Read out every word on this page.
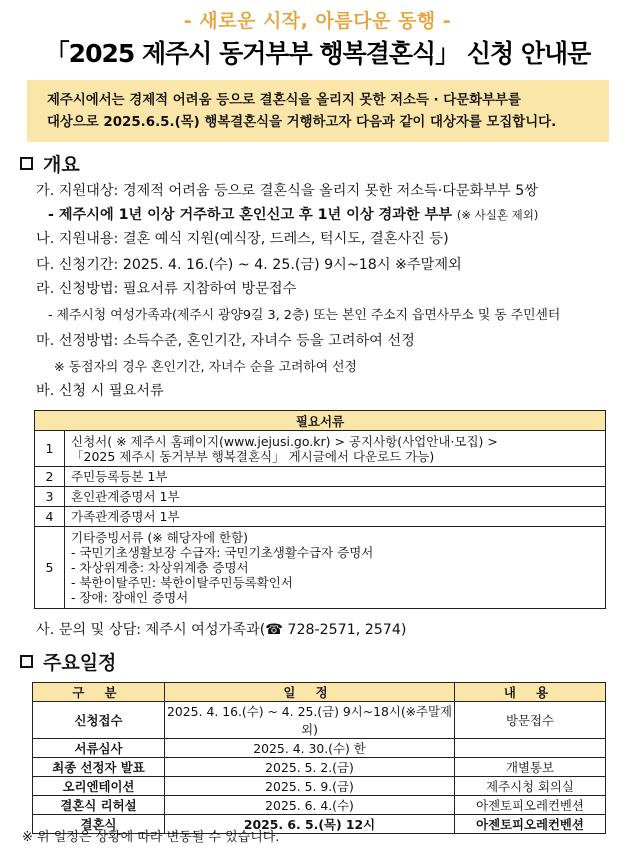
- 새로운 시작, 아름다운 동행 -
「2025 제주시 동거부부 행복결혼식」 신청 안내문
제주시에서는 경제적 어려움 등으로 결혼식을 올리지 못한 저소득 · 다문화부부를
대상으로 2025.6.5.(목) 행복결혼식을 거행하고자 다음과 같이 대상자를 모집합니다.
개요
가. 지원대상: 경제적 어려움 등으로 결혼식을 올리지 못한 저소득·다문화부부 5쌍
- 제주시에 1년 이상 거주하고 혼인신고 후 1년 이상 경과한 부부 (※ 사실혼 제외)
나. 지원내용: 결혼 예식 지원(예식장, 드레스, 턱시도, 결혼사진 등)
다. 신청기간: 2025. 4. 16.(수) ~ 4. 25.(금) 9시~18시 ※주말제외
라. 신청방법: 필요서류 지참하여 방문접수
- 제주시청 여성가족과(제주시 광양9길 3, 2층) 또는 본인 주소지 읍면사무소 및 동 주민센터
마. 선정방법: 소득수준, 혼인기간, 자녀수 등을 고려하여 선정
※ 동점자의 경우 혼인기간, 자녀수 순을 고려하여 선정
바. 신청 시 필요서류
필요서류	
1	신청서( ※ 제주시 홈페이지(www.jejusi.go.kr) > 공지사항(사업안내·모집) >
「2025 제주시 동거부부 행복결혼식」 게시글에서 다운로드 가능)

2	주민등록등본 1부
3	혼인관계증명서 1부
4	가족관계증명서 1부
5	기타증빙서류 (※ 해당자에 한함)
- 국민기초생활보장 수급자: 국민기초생활수급자 증명서
- 차상위계층: 차상위계층 증명서
- 북한이탈주민: 북한이탈주민등록확인서
- 장애: 장애인 증명서
사. 문의 및 상담: 제주시 여성가족과(☎ 728-2571, 2574)
주요일정
구 분	일 정	내 용
신청접수	2025. 4. 16.(수) ~ 4. 25.(금) 9시~18시(※주말제외)	방문접수
서류심사	2025. 4. 30.(수) 한	
최종 선정자 발표	2025. 5. 2.(금)	개별통보
오리엔테이션	2025. 5. 9.(금)	제주시청 회의실
결혼식 리허설	2025. 6. 4.(수)	아젠토피오레컨벤션
결혼식	2025. 6. 5.(목) 12시	아젠토피오레컨벤션
※ 위 일정은 상황에 따라 변동될 수 있습니다.
